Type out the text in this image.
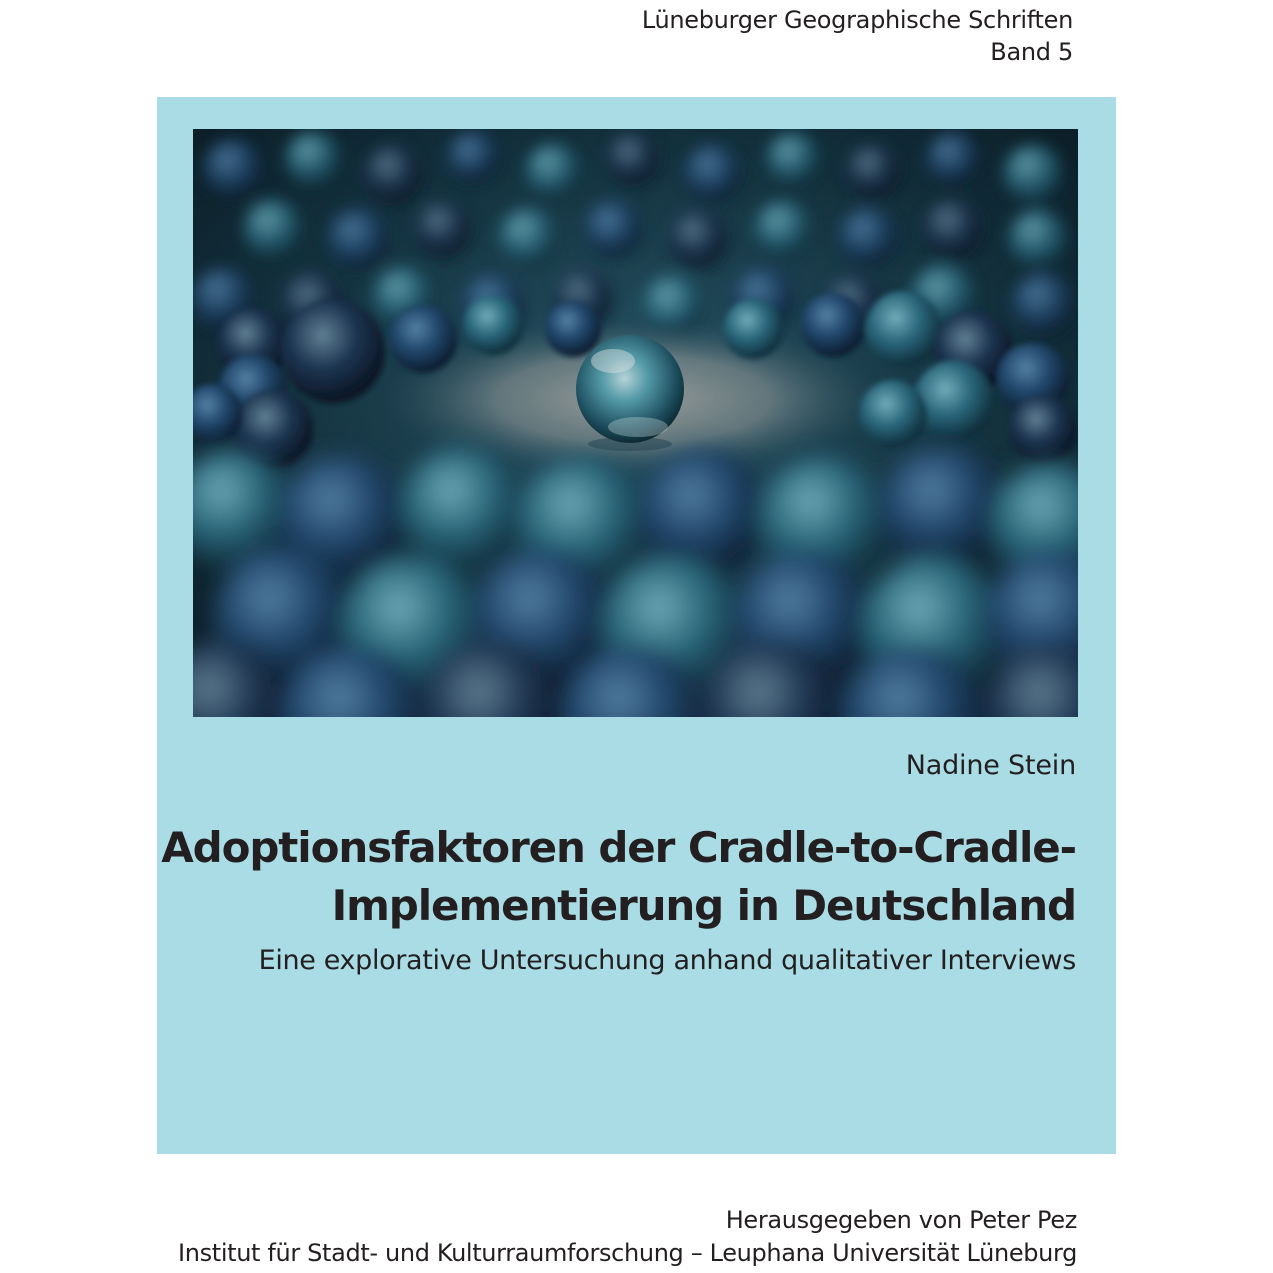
Lüneburger Geographische Schriften
Band 5
Nadine Stein
Adoptionsfaktoren der Cradle-to-Cradle-
Implementierung in Deutschland
Eine explorative Untersuchung anhand qualitativer Interviews
Herausgegeben von Peter Pez
Institut für Stadt- und Kulturraumforschung – Leuphana Universität Lüneburg
